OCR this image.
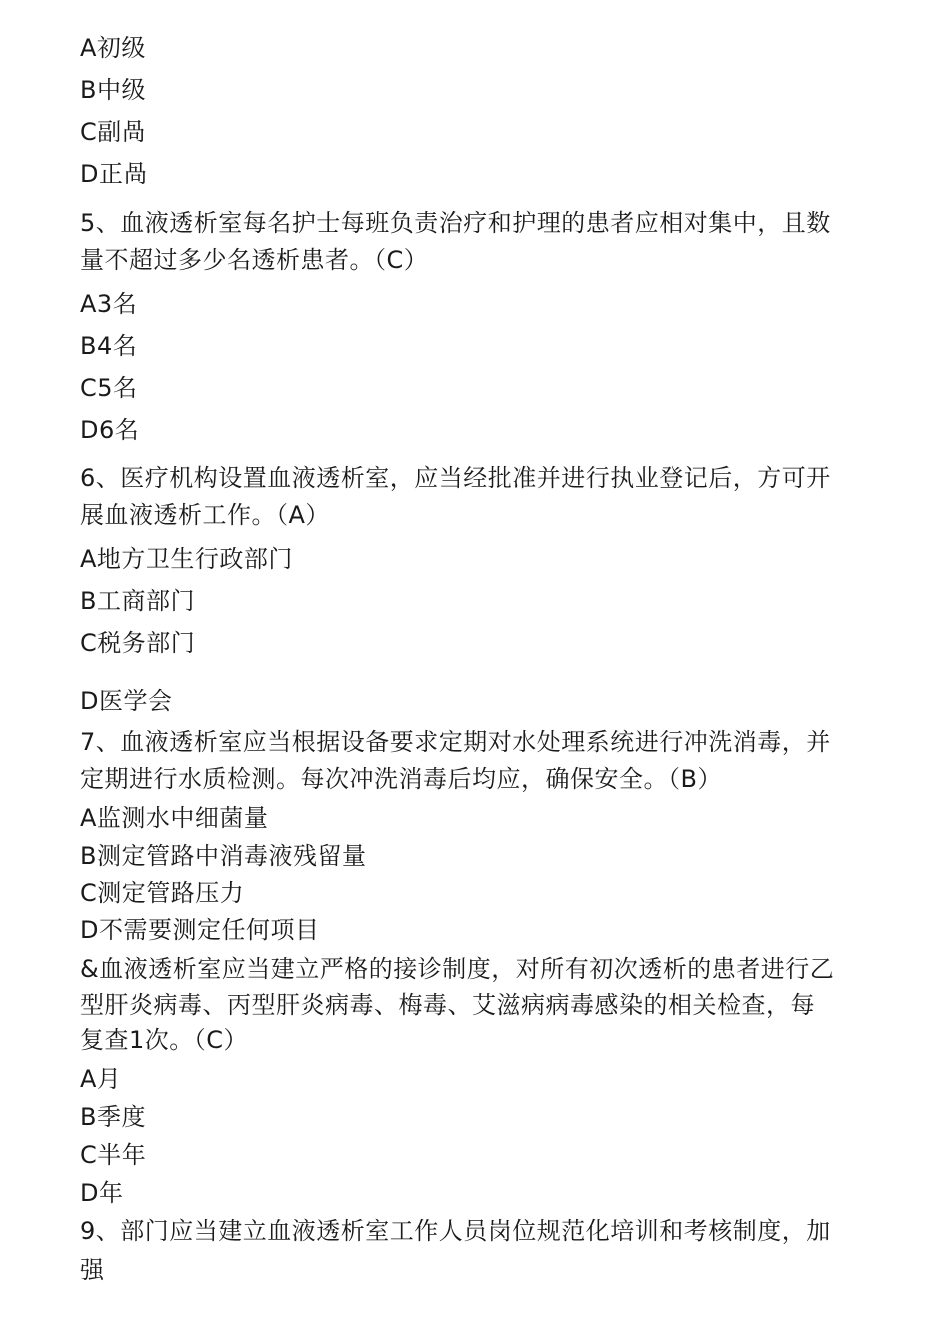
A初级
B中级
C副咼
D正咼
5、血液透析室每名护士每班负责治疗和护理的患者应相对集中，且数
量不超过多少名透析患者。（C）
A3名
B4名
C5名
D6名
6、医疗机构设置血液透析室，应当经批准并进行执业登记后，方可开
展血液透析工作。（A）
A地方卫生行政部门
B工商部门
C税务部门
D医学会
7、血液透析室应当根据设备要求定期对水处理系统进行冲洗消毒，并
定期进行水质检测。每次冲洗消毒后均应，确保安全。（B）
A监测水中细菌量
B测定管路中消毒液残留量
C测定管路压力
D不需要测定任何项目
&血液透析室应当建立严格的接诊制度，对所有初次透析的患者进行乙
型肝炎病毒、丙型肝炎病毒、梅毒、艾滋病病毒感染的相关检查，每
复查1次。（C）
A月
B季度
C半年
D年
9、部门应当建立血液透析室工作人员岗位规范化培训和考核制度，加
强
